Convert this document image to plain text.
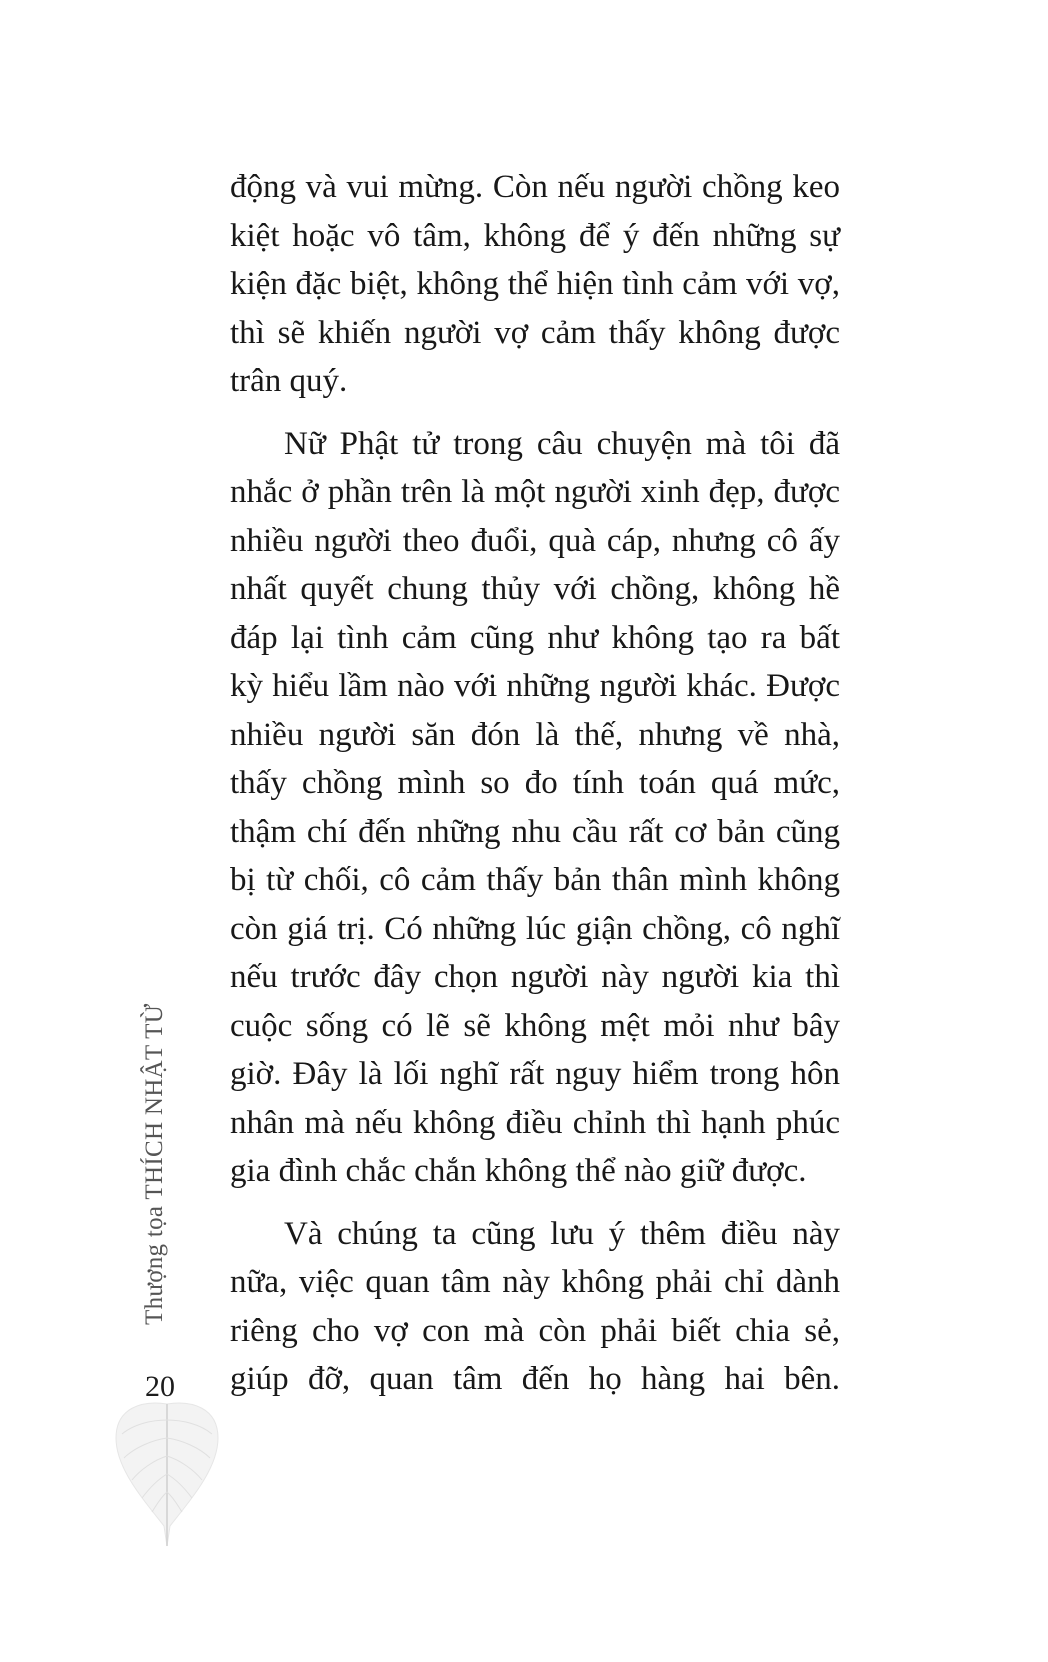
động và vui mừng. Còn nếu người chồng keo
kiệt hoặc vô tâm, không để ý đến những sự
kiện đặc biệt, không thể hiện tình cảm với vợ,
thì sẽ khiến người vợ cảm thấy không được
trân quý.
Nữ Phật tử trong câu chuyện mà tôi đã
nhắc ở phần trên là một người xinh đẹp, được
nhiều người theo đuổi, quà cáp, nhưng cô ấy
nhất quyết chung thủy với chồng, không hề
đáp lại tình cảm cũng như không tạo ra bất
kỳ hiểu lầm nào với những người khác. Được
nhiều người săn đón là thế, nhưng về nhà,
thấy chồng mình so đo tính toán quá mức,
thậm chí đến những nhu cầu rất cơ bản cũng
bị từ chối, cô cảm thấy bản thân mình không
còn giá trị. Có những lúc giận chồng, cô nghĩ
nếu trước đây chọn người này người kia thì
cuộc sống có lẽ sẽ không mệt mỏi như bây
giờ. Đây là lối nghĩ rất nguy hiểm trong hôn
nhân mà nếu không điều chỉnh thì hạnh phúc
gia đình chắc chắn không thể nào giữ được.
Và chúng ta cũng lưu ý thêm điều này
nữa, việc quan tâm này không phải chỉ dành
riêng cho vợ con mà còn phải biết chia sẻ,
giúp đỡ, quan tâm đến họ hàng hai bên.
Thượng tọa THÍCH NHẬT TỪ
20
